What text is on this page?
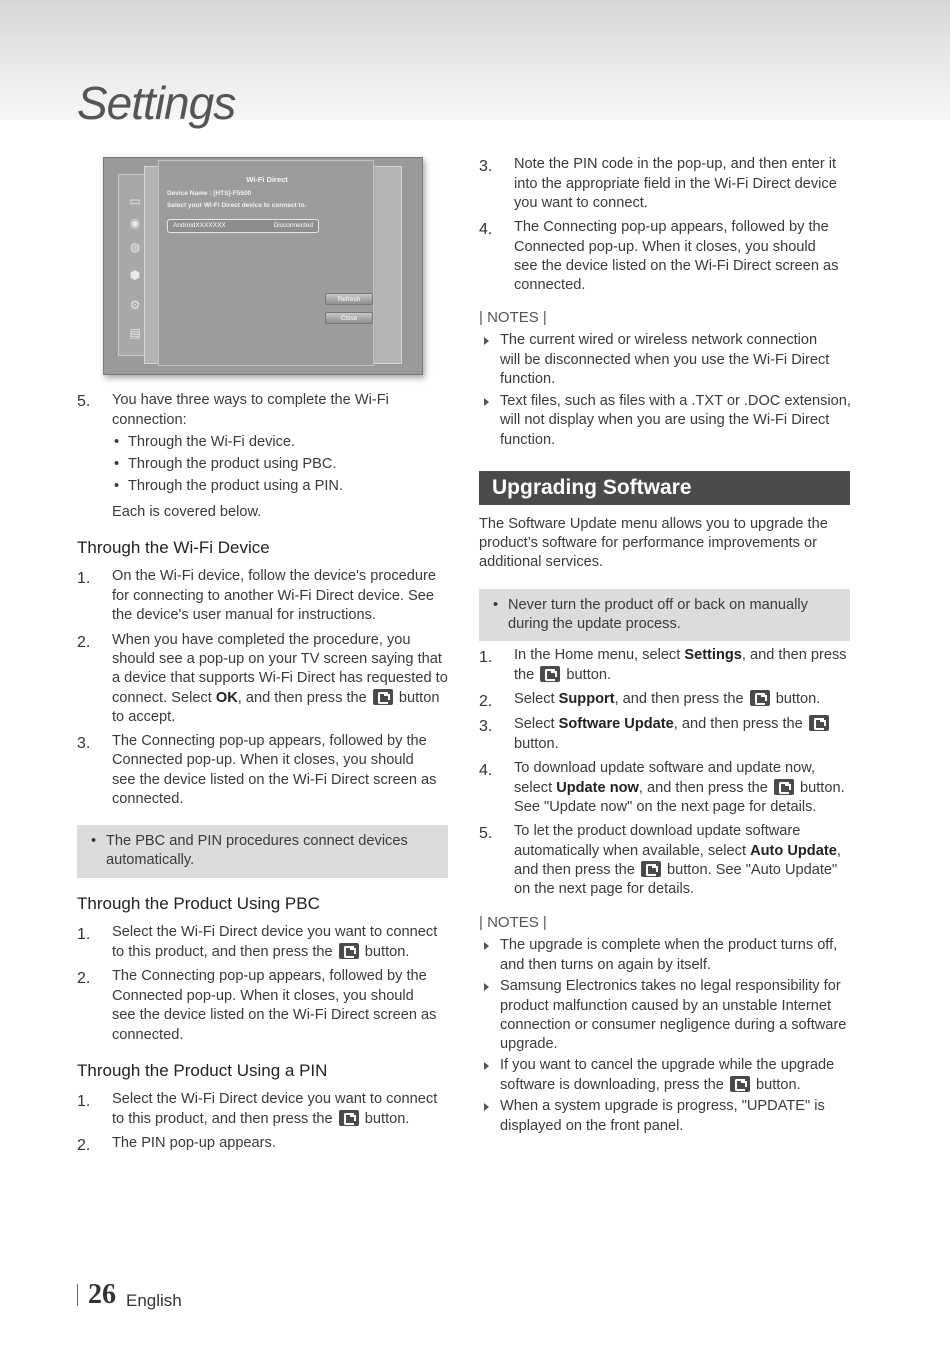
Settings
▭
◉
◍
⬢
⚙
▤
Wi-Fi Direct
Device Name : [HTS]-F5500
Select your Wi-Fi Direct device to connect to.
AndroidXXXXXXX	Disconnected
Refresh
Close
5.	You have three ways to complete the Wi-Fi
connection:
• Through the Wi-Fi device.
• Through the product using PBC.
• Through the product using a PIN.
Each is covered below.
Through the Wi-Fi Device
1.	On the Wi-Fi device, follow the device's procedure
for connecting to another Wi-Fi Direct device. See
the device's user manual for instructions.
2.	When you have completed the procedure, you
should see a pop-up on your TV screen saying that
a device that supports Wi-Fi Direct has requested to
connect. Select OK, and then press the button
to accept.
3.	The Connecting pop-up appears, followed by the
Connected pop-up. When it closes, you should
see the device listed on the Wi-Fi Direct screen as
connected.
• The PBC and PIN procedures connect devices
automatically.
Through the Product Using PBC
1.	Select the Wi-Fi Direct device you want to connect
to this product, and then press the button.
2.	The Connecting pop-up appears, followed by the
Connected pop-up. When it closes, you should
see the device listed on the Wi-Fi Direct screen as
connected.
Through the Product Using a PIN
1.	Select the Wi-Fi Direct device you want to connect
to this product, and then press the button.
2.	The PIN pop-up appears.
3.	Note the PIN code in the pop-up, and then enter it
into the appropriate field in the Wi-Fi Direct device
you want to connect.
4.	The Connecting pop-up appears, followed by the
Connected pop-up. When it closes, you should
see the device listed on the Wi-Fi Direct screen as
connected.
| NOTES |
The current wired or wireless network connection
will be disconnected when you use the Wi-Fi Direct
function.
Text files, such as files with a .TXT or .DOC extension,
will not display when you are using the Wi-Fi Direct
function.
Upgrading Software
The Software Update menu allows you to upgrade the
product’s software for performance improvements or
additional services.
• Never turn the product off or back on manually
during the update process.
1.	In the Home menu, select Settings, and then press
the button.
2.	Select Support, and then press the button.
3.	Select Software Update, and then press the
button.
4.	To download update software and update now,
select Update now, and then press the button.
See "Update now" on the next page for details.
5.	To let the product download update software
automatically when available, select Auto Update,
and then press the button. See "Auto Update"
on the next page for details.
| NOTES |
The upgrade is complete when the product turns off,
and then turns on again by itself.
Samsung Electronics takes no legal responsibility for
product malfunction caused by an unstable Internet
connection or consumer negligence during a software
upgrade.
If you want to cancel the upgrade while the upgrade
software is downloading, press the button.
When a system upgrade is progress, "UPDATE" is
displayed on the front panel.
26 English
